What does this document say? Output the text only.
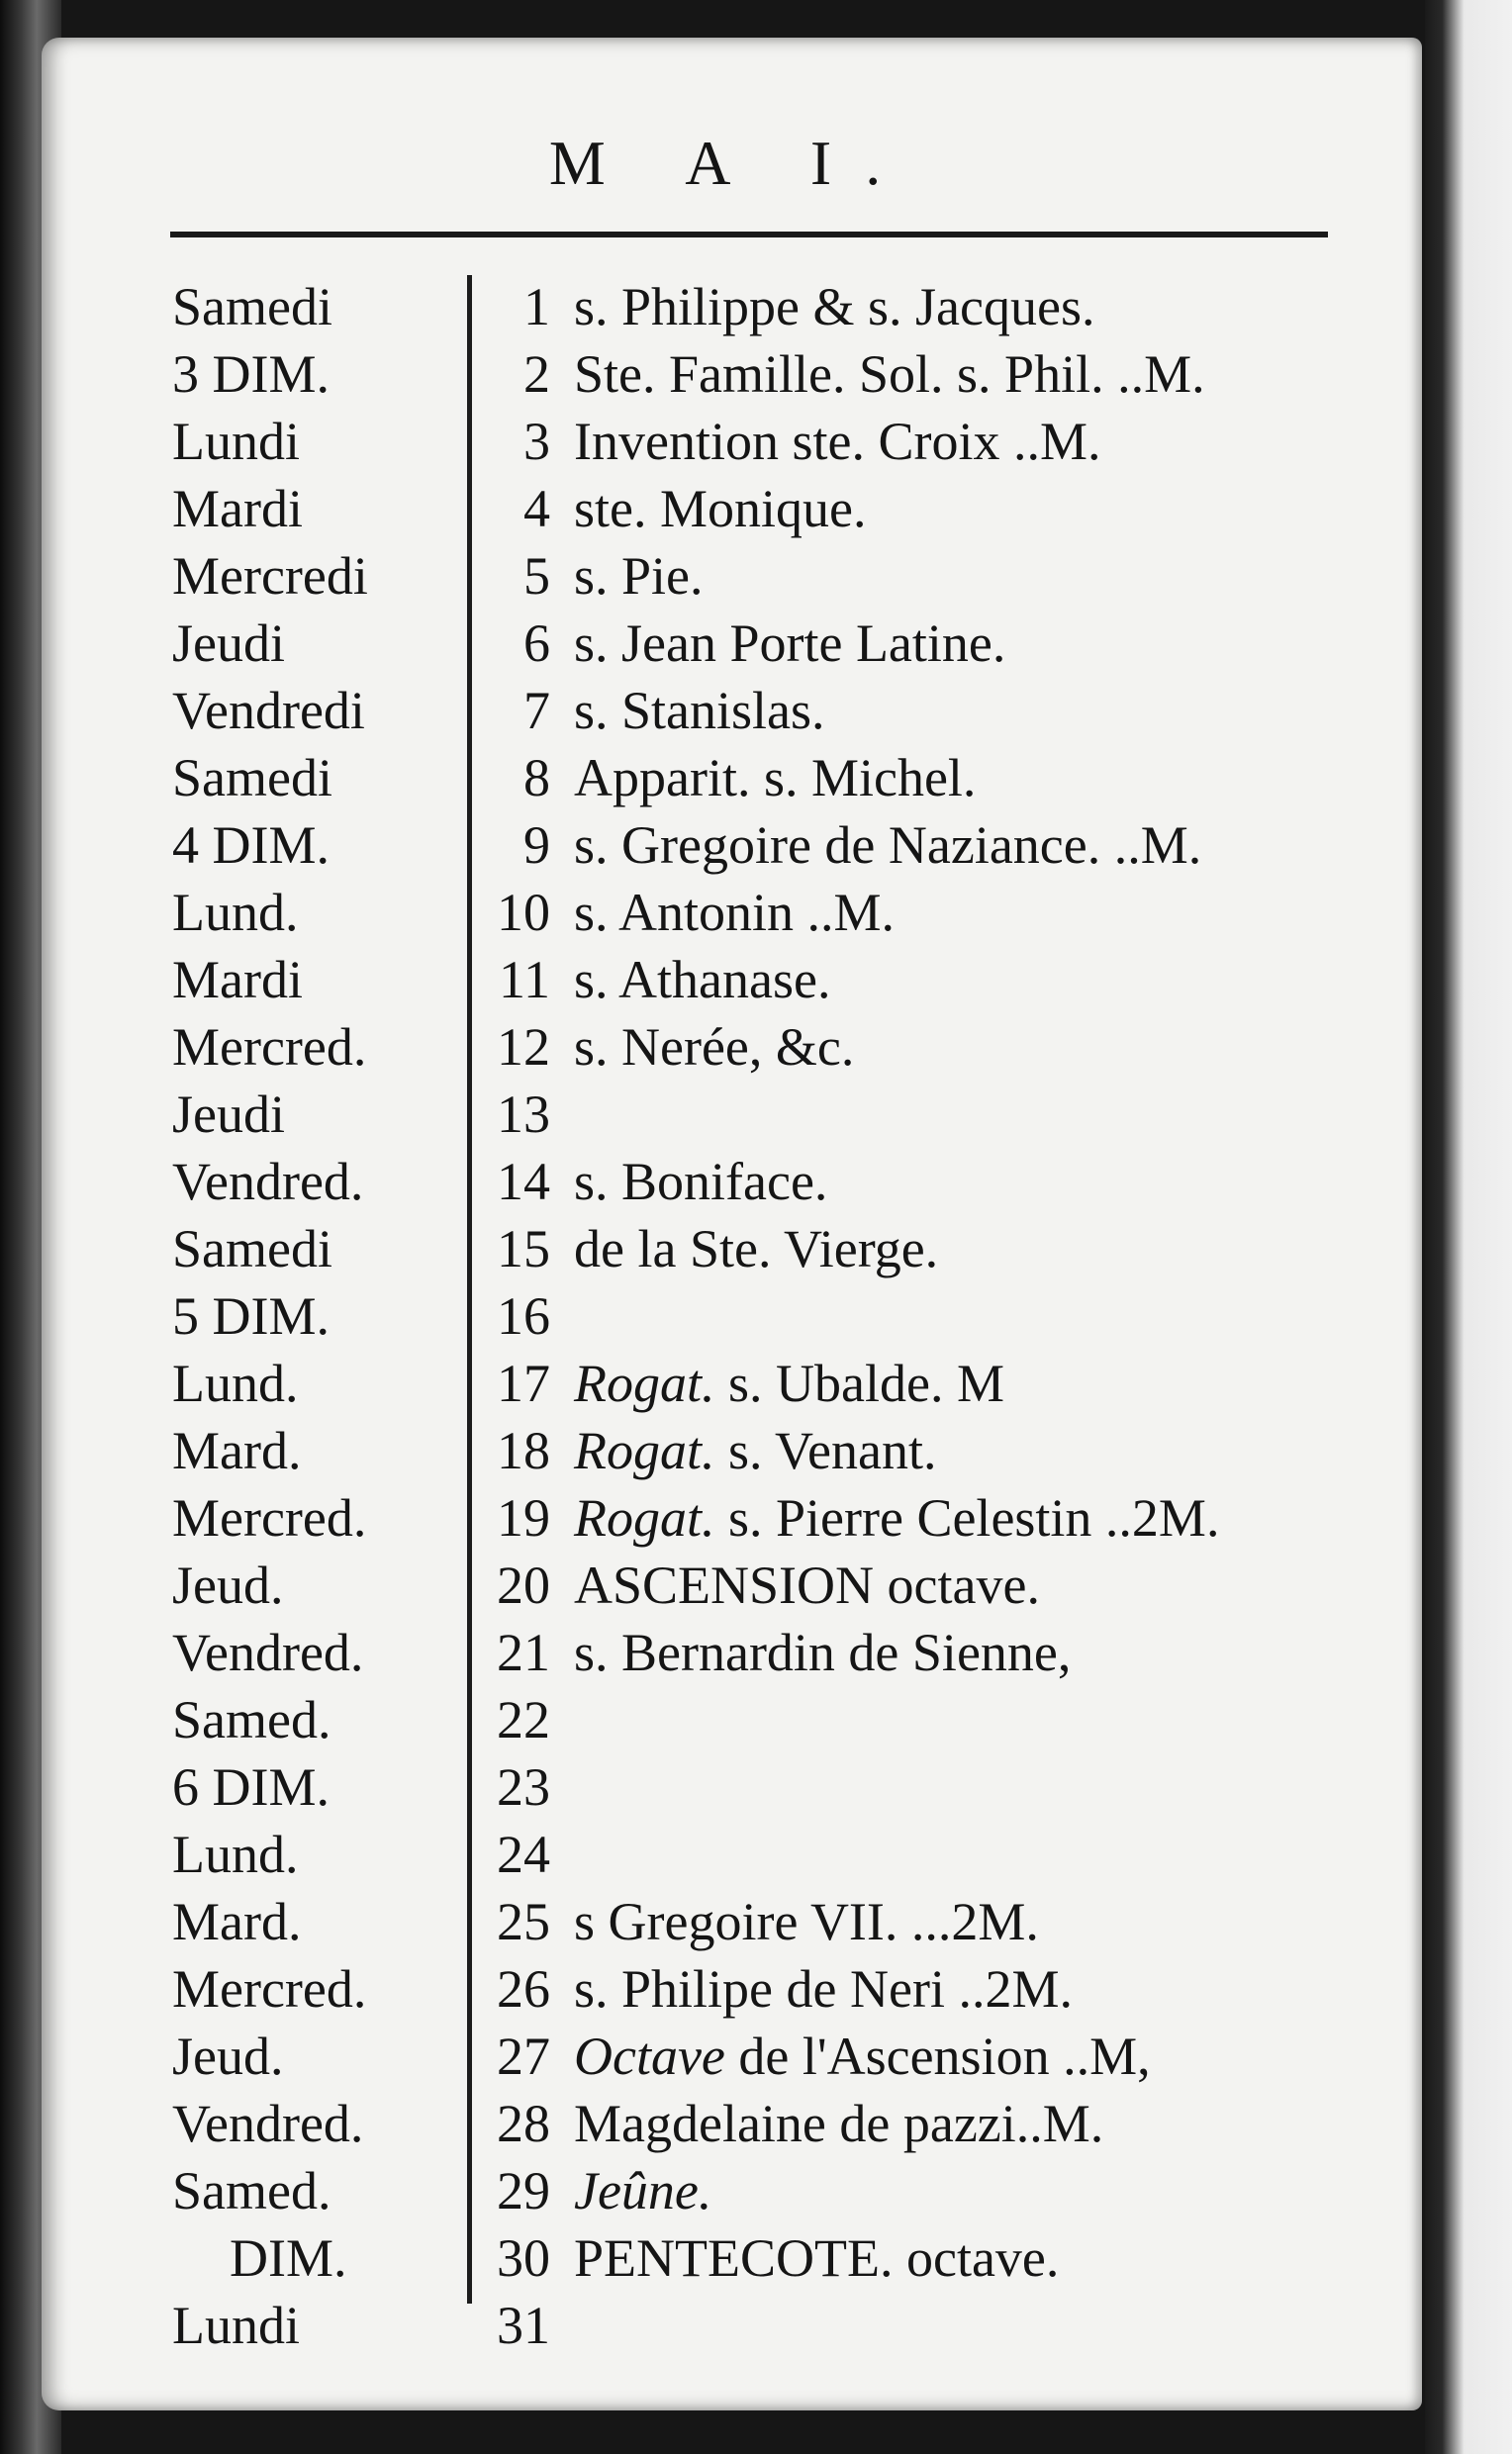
M A I.
Samedi	1 s. Philippe & s. Jacques.
3 DIM.	2 Ste. Famille. Sol. s. Phil. ..M.
Lundi	3 Invention ste. Croix ..M.
Mardi	4 ste. Monique.
Mercredi	5 s. Pie.
Jeudi	6 s. Jean Porte Latine.
Vendredi	7 s. Stanislas.
Samedi	8 Apparit. s. Michel.
4 DIM.	9 s. Gregoire de Naziance. ..M.
Lund.	10 s. Antonin ..M.
Mardi	11 s. Athanase.
Mercred.	12 s. Nerée, &c.
Jeudi	13
Vendred.	14 s. Boniface.
Samedi	15 de la Ste. Vierge.
5 DIM.	16
Lund.	17 Rogat. s. Ubalde. M
Mard.	18 Rogat. s. Venant.
Mercred.	19 Rogat. s. Pierre Celestin ..2M.
Jeud.	20 ASCENSION octave.
Vendred.	21 s. Bernardin de Sienne,
Samed.	22
6 DIM.	23
Lund.	24
Mard.	25 s Gregoire VII. ...2M.
Mercred.	26 s. Philipe de Neri ..2M.
Jeud.	27 Octave de l'Ascension ..M,
Vendred.	28 Magdelaine de pazzi..M.
Samed.	29 Jeûne.
DIM.	30 PENTECOTE. octave.
Lundi	31
